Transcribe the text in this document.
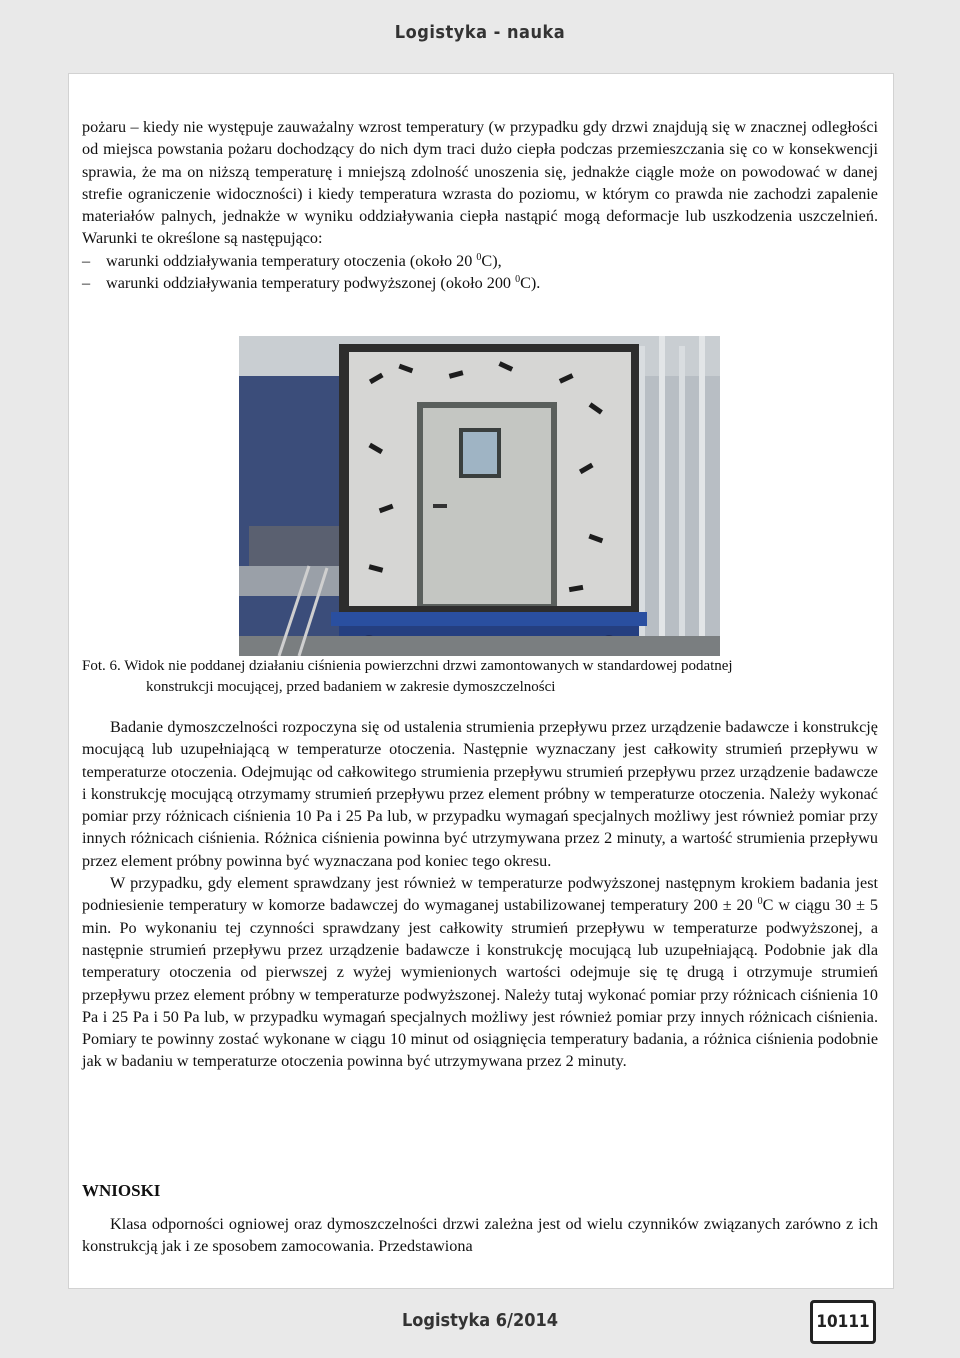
Logistyka - nauka

pożaru – kiedy nie występuje zauważalny wzrost temperatury (w przypadku gdy drzwi znajdują się w znacznej odległości od miejsca powstania pożaru dochodzący do nich dym traci dużo ciepła podczas przemieszczania się co w konsekwencji sprawia, że ma on niższą temperaturę i mniejszą zdolność unoszenia się, jednakże ciągle może on powodować w danej strefie ograniczenie widoczności) i kiedy temperatura wzrasta do poziomu, w którym co prawda nie zachodzi zapalenie materiałów palnych, jednakże w wyniku oddziaływania ciepła nastąpić mogą deformacje lub uszkodzenia uszczelnień. Warunki te określone są następująco:

– warunki oddziaływania temperatury otoczenia (około 20 $^0$C),

– warunki oddziaływania temperatury podwyższonej (około 200 $^0$C).

Fot. 6. Widok nie poddanej działaniu ciśnienia powierzchni drzwi zamontowanych w standardowej podatnej
konstrukcji mocującej, przed badaniem w zakresie dymoszczelności

Badanie dymoszczelności rozpoczyna się od ustalenia strumienia przepływu przez urządzenie badawcze i konstrukcję mocującą lub uzupełniającą w temperaturze otoczenia. Następnie wyznaczany jest całkowity strumień przepływu w temperaturze otoczenia. Odejmując od całkowitego strumienia przepływu strumień przepływu przez urządzenie badawcze i konstrukcję mocującą otrzymamy strumień przepływu przez element próbny w temperaturze otoczenia. Należy wykonać pomiar przy różnicach ciśnienia 10 Pa i 25 Pa lub, w przypadku wymagań specjalnych możliwy jest również pomiar przy innych różnicach ciśnienia. Różnica ciśnienia powinna być utrzymywana przez 2 minuty, a wartość strumienia przepływu przez element próbny powinna być wyznaczana pod koniec tego okresu.

W przypadku, gdy element sprawdzany jest również w temperaturze podwyższonej następnym krokiem badania jest podniesienie temperatury w komorze badawczej do wymaganej ustabilizowanej temperatury 200 ± 20 $^0$C w ciągu 30 ± 5 min. Po wykonaniu tej czynności sprawdzany jest całkowity strumień przepływu w temperaturze podwyższonej, a następnie strumień przepływu przez urządzenie badawcze i konstrukcję mocującą lub uzupełniającą. Podobnie jak dla temperatury otoczenia od pierwszej z wyżej wymienionych wartości odejmuje się tę drugą i otrzymuje strumień przepływu przez element próbny w temperaturze podwyższonej. Należy tutaj wykonać pomiar przy różnicach ciśnienia 10 Pa i 25 Pa i 50 Pa lub, w przypadku wymagań specjalnych możliwy jest również pomiar przy innych różnicach ciśnienia. Pomiary te powinny zostać wykonane w ciągu 10 minut od osiągnięcia temperatury badania, a różnica ciśnienia podobnie jak w badaniu w temperaturze otoczenia powinna być utrzymywana przez 2 minuty.

WNIOSKI

Klasa odporności ogniowej oraz dymoszczelności drzwi zależna jest od wielu czynników związanych zarówno z ich konstrukcją jak i ze sposobem zamocowania. Przedstawiona

Logistyka 6/2014	10111
